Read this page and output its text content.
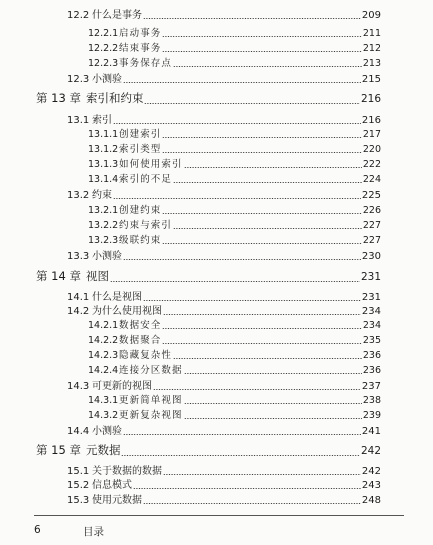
12.2 什么是事务	209
12.2.1 启动事务	211
12.2.2 结束事务	212
12.2.3 事务保存点	213
12.3 小测验	215
第 13 章 索引和约束	216
13.1 索引	216
13.1.1 创建索引	217
13.1.2 索引类型	220
13.1.3 如何使用索引	222
13.1.4 索引的不足	224
13.2 约束	225
13.2.1 创建约束	226
13.2.2 约束与索引	227
13.2.3 级联约束	227
13.3 小测验	230
第 14 章 视图	231
14.1 什么是视图	231
14.2 为什么使用视图	234
14.2.1 数据安全	234
14.2.2 数据聚合	235
14.2.3 隐藏复杂性	236
14.2.4 连接分区数据	236
14.3 可更新的视图	237
14.3.1 更新简单视图	238
14.3.2 更新复杂视图	239
14.4 小测验	241
第 15 章 元数据	242
15.1 关于数据的数据	242
15.2 信息模式	243
15.3 使用元数据	248
6	目录
